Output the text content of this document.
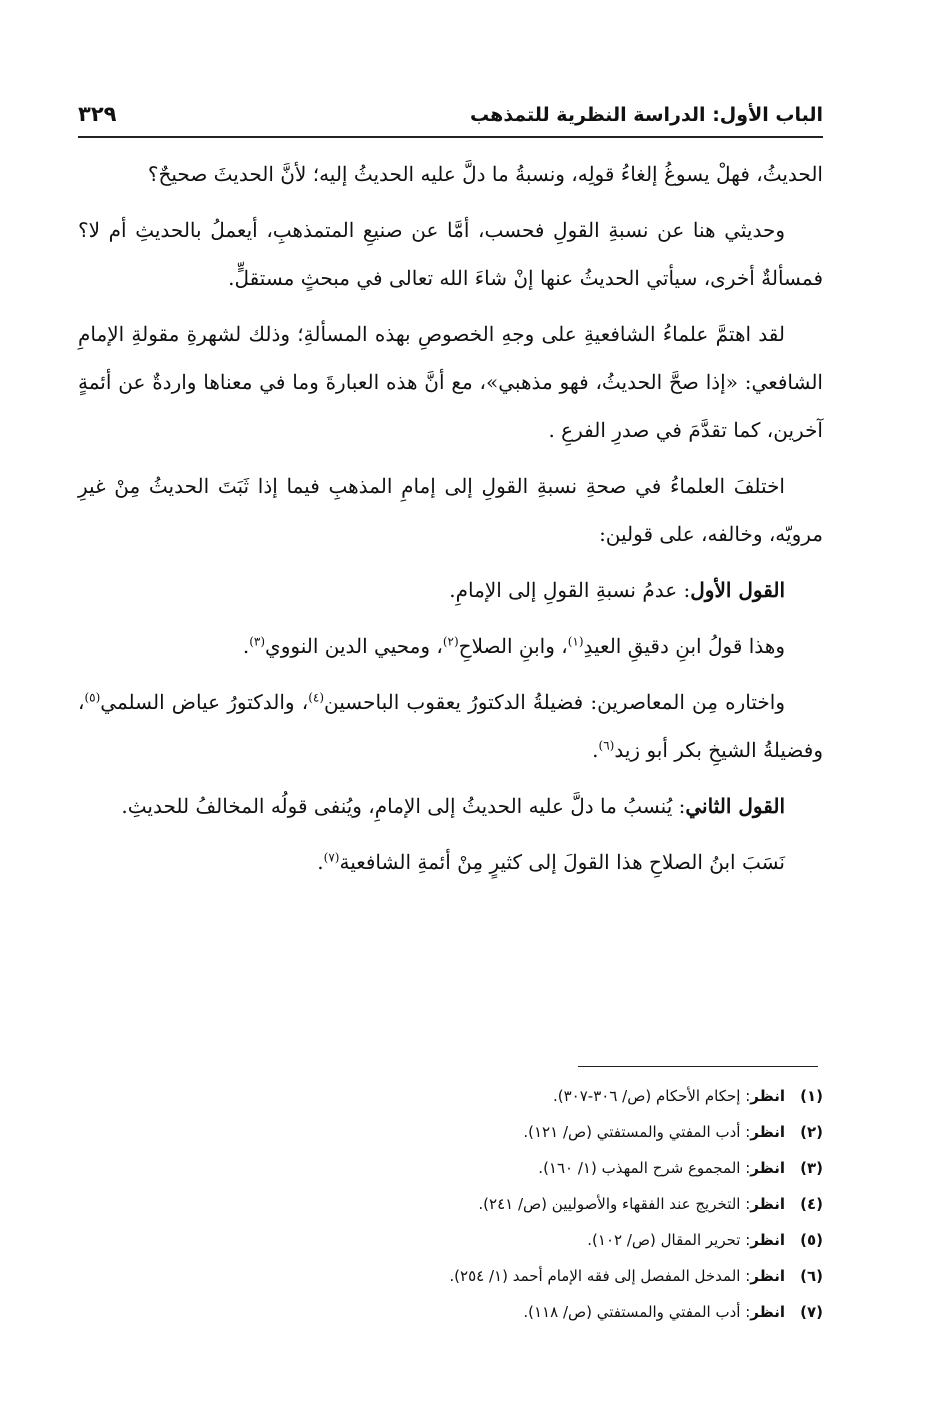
الباب الأول: الدراسة النظرية للتمذهب
٣٢٩

الحديثُ، فهلْ يسوغُ إلغاءُ قولِه، ونسبةُ ما دلَّ عليه الحديثُ إليه؛ لأنَّ الحديثَ صحيحٌ؟

وحديثي هنا عن نسبةِ القولِ فحسب، أمَّا عن صنيعِ المتمذهبِ، أيعملُ بالحديثِ أم لا؟ فمسألةٌ أخرى، سيأتي الحديثُ عنها إنْ شاءَ الله تعالى في مبحثٍ مستقلٍّ.

لقد اهتمَّ علماءُ الشافعيةِ على وجهِ الخصوصِ بهذه المسألةِ؛ وذلك لشهرةِ مقولةِ الإمامِ الشافعي: «إذا صحَّ الحديثُ، فهو مذهبي»، مع أنَّ هذه العبارةَ وما في معناها واردةٌ عن أئمةٍ آخرين، كما تقدَّمَ في صدرِ الفرعِ .

اختلفَ العلماءُ في صحةِ نسبةِ القولِ إلى إمامِ المذهبِ فيما إذا ثَبَتَ الحديثُ مِنْ غيرِ مرويّه، وخالفه، على قولين:

القول الأول: عدمُ نسبةِ القولِ إلى الإمامِ.

وهذا قولُ ابنِ دقيقِ العيدِ$^{(١)}$، وابنِ الصلاحِ$^{(٢)}$، ومحيي الدين النووي$^{(٣)}$.

واختاره مِن المعاصرين: فضيلةُ الدكتورُ يعقوب الباحسين$^{(٤)}$، والدكتورُ عياض السلمي$^{(٥)}$، وفضيلةُ الشيخِ بكر أبو زيد$^{(٦)}$.

القول الثاني: يُنسبُ ما دلَّ عليه الحديثُ إلى الإمامِ، ويُنفى قولُه المخالفُ للحديثِ.

نَسَبَ ابنُ الصلاحِ هذا القولَ إلى كثيرٍ مِنْ أئمةِ الشافعية$^{(٧)}$.

(١)انظر: إحكام الأحكام (ص/ ٣٠٦-٣٠٧).
(٢)انظر: أدب المفتي والمستفتي (ص/ ١٢١).
(٣)انظر: المجموع شرح المهذب (١/ ١٦٠).
(٤)انظر: التخريج عند الفقهاء والأصوليين (ص/ ٢٤١).
(٥)انظر: تحرير المقال (ص/ ١٠٢).
(٦)انظر: المدخل المفصل إلى فقه الإمام أحمد (١/ ٢٥٤).
(٧)انظر: أدب المفتي والمستفتي (ص/ ١١٨).
